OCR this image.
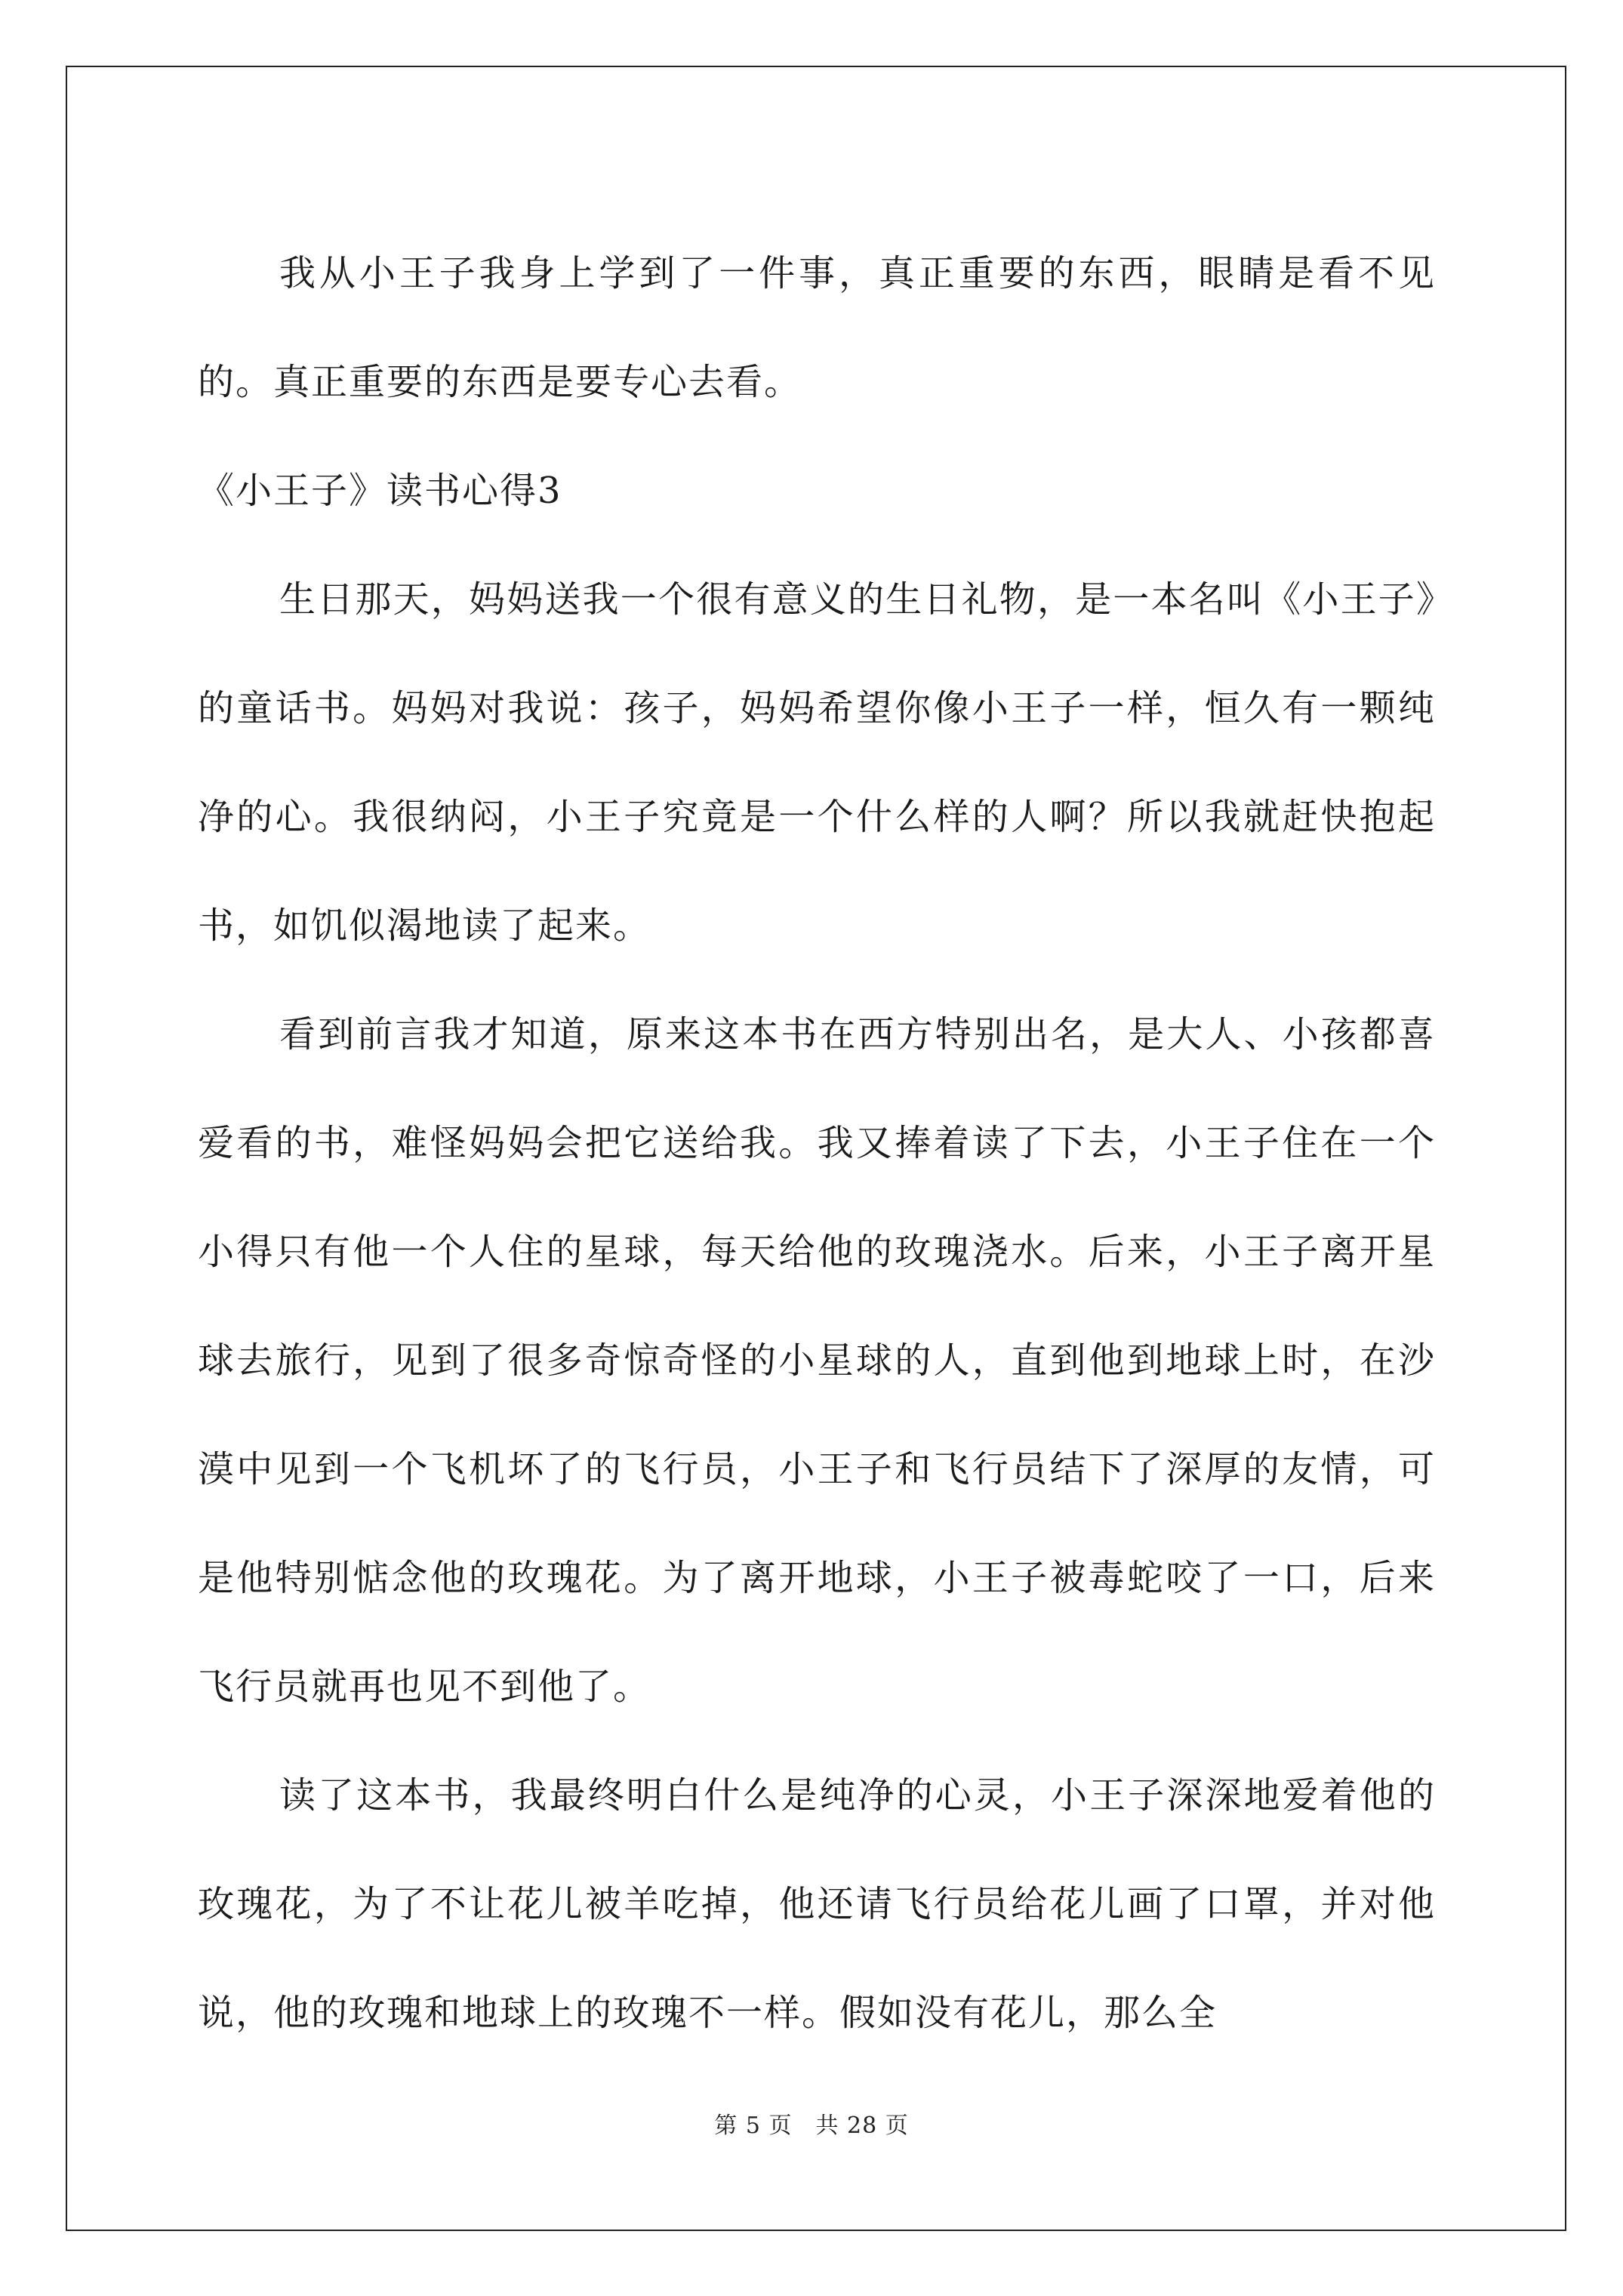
我从小王子我身上学到了一件事，真正重要的东西，眼睛是看不见的。真正重要的东西是要专心去看。

《小王子》读书心得3

生日那天，妈妈送我一个很有意义的生日礼物，是一本名叫《小王子》的童话书。妈妈对我说：孩子，妈妈希望你像小王子一样，恒久有一颗纯净的心。我很纳闷，小王子究竟是一个什么样的人啊？所以我就赶快抱起书，如饥似渴地读了起来。

看到前言我才知道，原来这本书在西方特别出名，是大人、小孩都喜爱看的书，难怪妈妈会把它送给我。我又捧着读了下去，小王子住在一个小得只有他一个人住的星球，每天给他的玫瑰浇水。后来，小王子离开星球去旅行，见到了很多奇惊奇怪的小星球的人，直到他到地球上时，在沙漠中见到一个飞机坏了的飞行员，小王子和飞行员结下了深厚的友情，可是他特别惦念他的玫瑰花。为了离开地球，小王子被毒蛇咬了一口，后来飞行员就再也见不到他了。

读了这本书，我最终明白什么是纯净的心灵，小王子深深地爱着他的玫瑰花，为了不让花儿被羊吃掉，他还请飞行员给花儿画了口罩，并对他说，他的玫瑰和地球上的玫瑰不一样。假如没有花儿，那么全

第 5 页　共 28 页
